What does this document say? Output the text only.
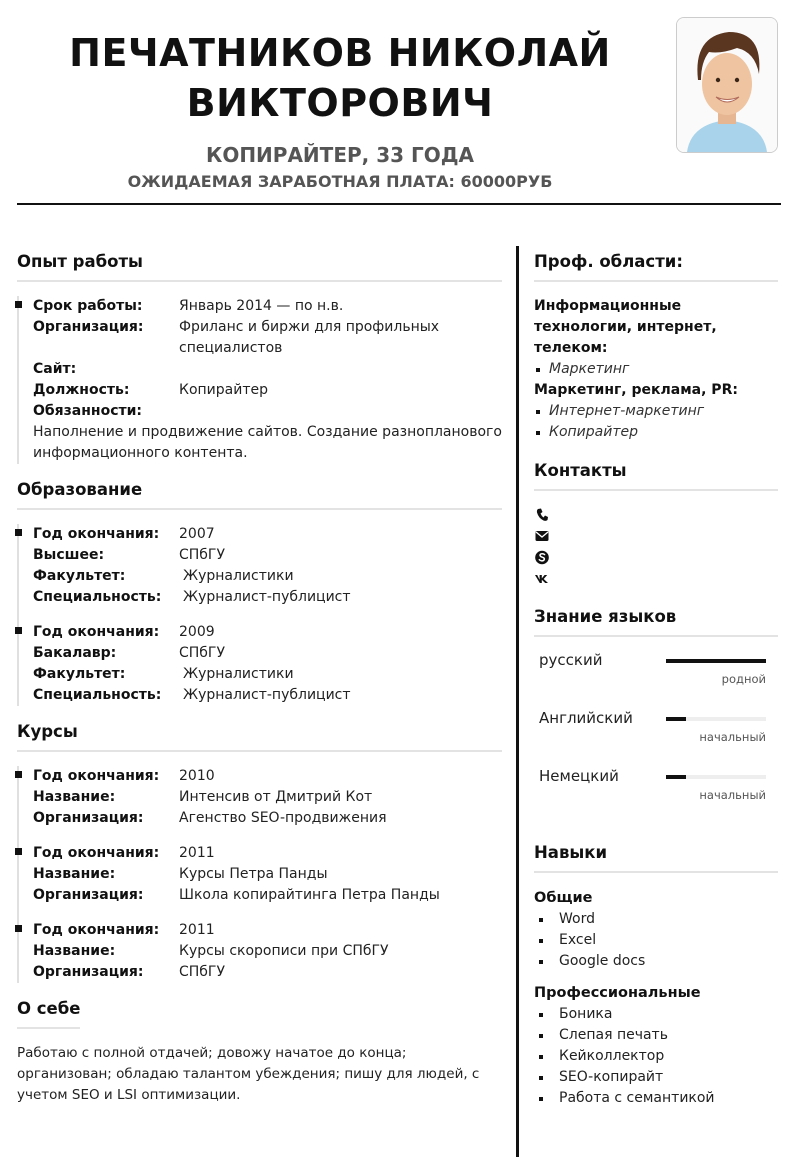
ПЕЧАТНИКОВ НИКОЛАЙ
ВИКТОРОВИЧ
КОПИРАЙТЕР, 33 ГОДА
ОЖИДАЕМАЯ ЗАРАБОТНАЯ ПЛАТА: 60000РУБ
Опыт работы
Срок работы:	Январь 2014 — по н.в.
Организация:	Фриланс и биржи для профильных специалистов
Сайт:
Должность:	Копирайтер
Обязанности:
Наполнение и продвижение сайтов. Создание разнопланового информационного контента.
Образование
Год окончания:	2007
Высшее:	СПбГУ
Факультет:	Журналистики
Специальность:	Журналист-публицист
Год окончания:	2009
Бакалавр:	СПбГУ
Факультет:	Журналистики
Специальность:	Журналист-публицист
Курсы
Год окончания:	2010
Название:	Интенсив от Дмитрий Кот
Организация:	Агенство SEO-продвижения
Год окончания:	2011
Название:	Курсы Петра Панды
Организация:	Школа копирайтинга Петра Панды
Год окончания:	2011
Название:	Курсы скорописи при СПбГУ
Организация:	СПбГУ
О себе
Работаю с полной отдачей; довожу начатое до конца; организован; обладаю талантом убеждения; пишу для людей, с учетом SEO и LSI оптимизации.
Проф. области:
Информационные технологии, интернет, телеком:
Маркетинг
Маркетинг, реклама, PR:
Интернет-маркетинг
Копирайтер
Контакты
Знание языков
русский
родной
Английский
начальный
Немецкий
начальный
Навыки
Общие
Word
Excel
Google docs
Профессиональные
Боника
Слепая печать
Кейколлектор
SEO-копирайт
Работа с семантикой
